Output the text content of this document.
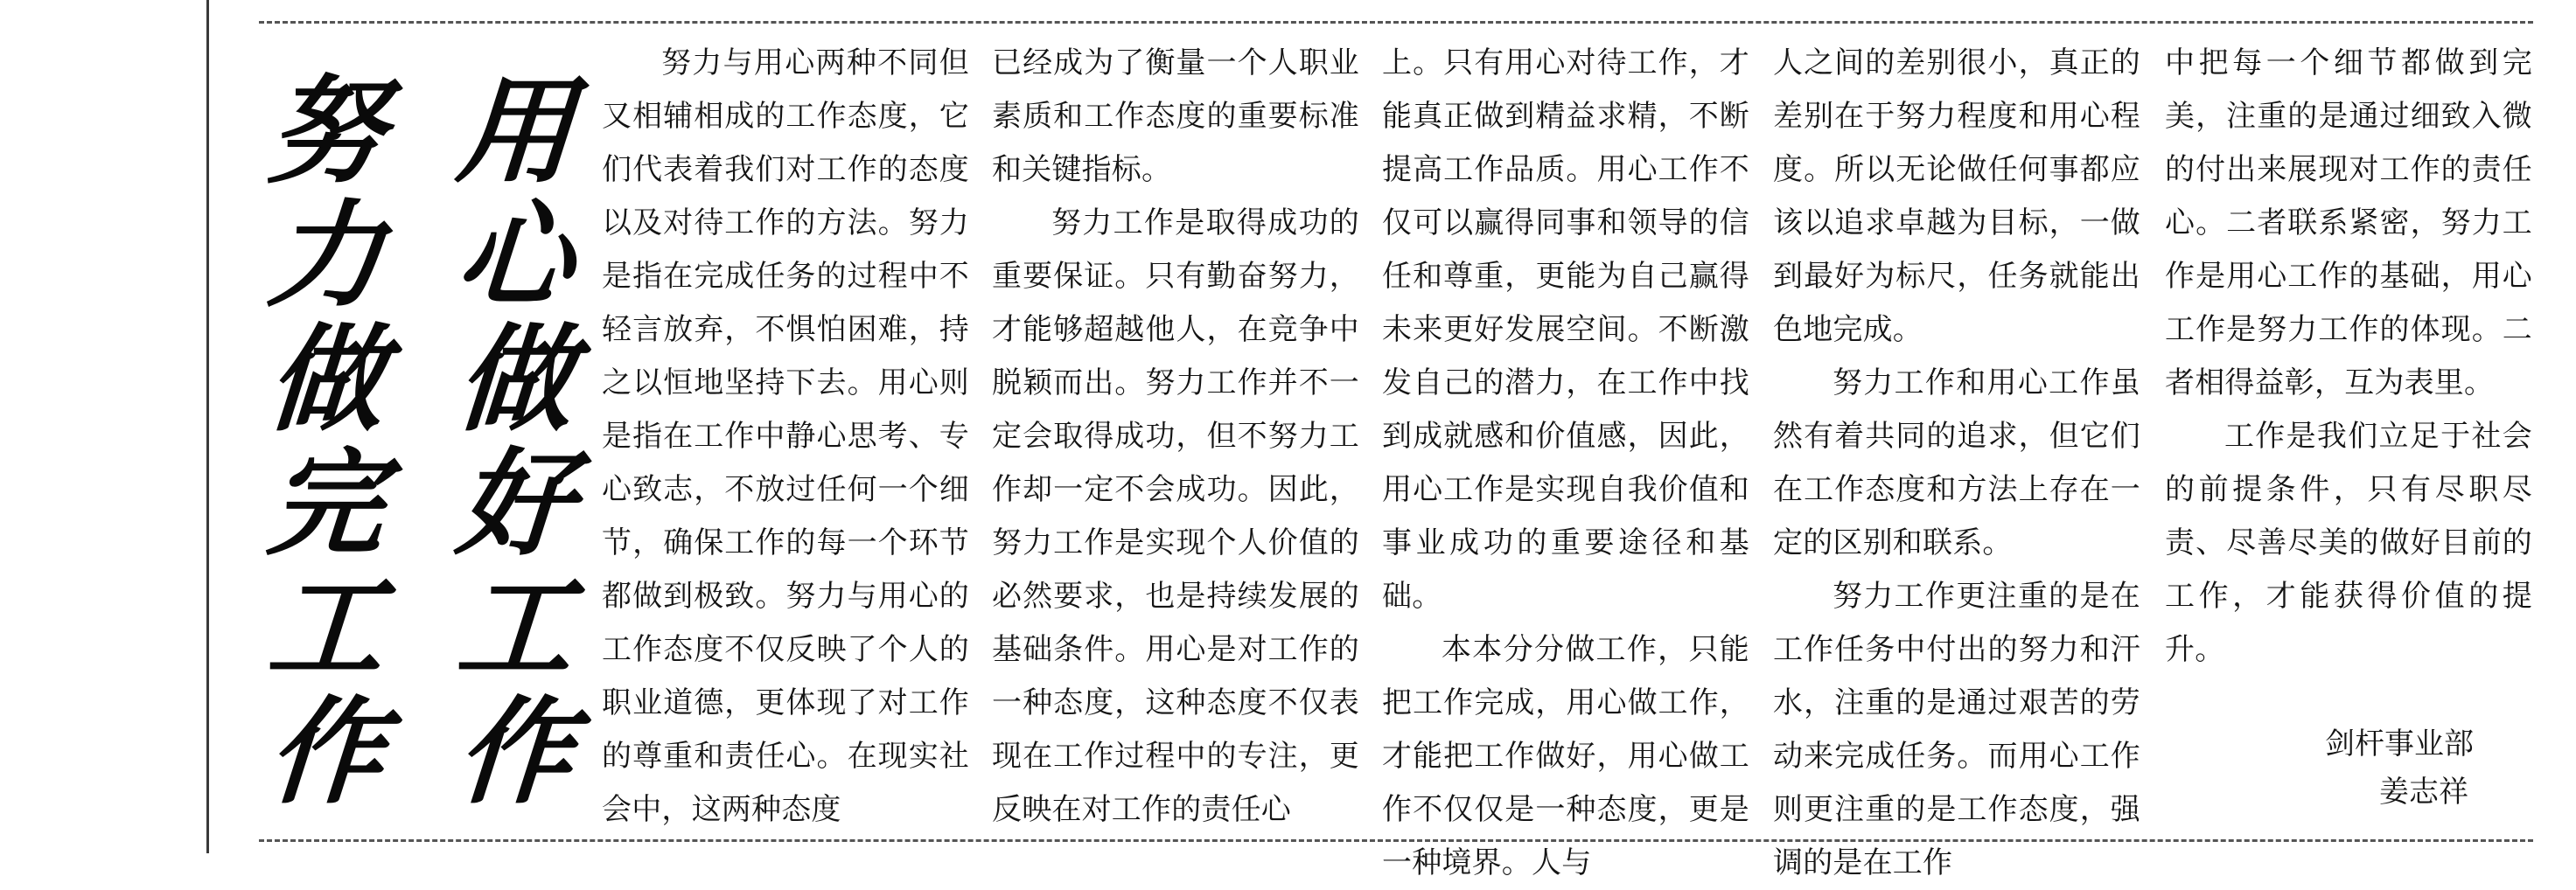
努
力
做
完
工
作
用
心
做
好
工
作

努力与用心两种不同但又相辅相成的工作态度，它们代表着我们对工作的态度以及对待工作的方法。努力是指在完成任务的过程中不轻言放弃，不惧怕困难，持之以恒地坚持下去。用心则是指在工作中静心思考、专心致志，不放过任何一个细节，确保工作的每一个环节都做到极致。努力与用心的工作态度不仅反映了个人的职业道德，更体现了对工作的尊重和责任心。在现实社会中，这两种态度

已经成为了衡量一个人职业素质和工作态度的重要标准和关键指标。

努力工作是取得成功的重要保证。只有勤奋努力，才能够超越他人，在竞争中脱颖而出。努力工作并不一定会取得成功，但不努力工作却一定不会成功。因此，努力工作是实现个人价值的必然要求，也是持续发展的基础条件。用心是对工作的一种态度，这种态度不仅表现在工作过程中的专注，更反映在对工作的责任心

上。只有用心对待工作，才能真正做到精益求精，不断提高工作品质。用心工作不仅可以赢得同事和领导的信任和尊重，更能为自己赢得未来更好发展空间。不断激发自己的潜力，在工作中找到成就感和价值感，因此，用心工作是实现自我价值和事业成功的重要途径和基础。

本本分分做工作，只能把工作完成，用心做工作，才能把工作做好，用心做工作不仅仅是一种态度，更是一种境界。人与

人之间的差别很小，真正的差别在于努力程度和用心程度。所以无论做任何事都应该以追求卓越为目标，一做到最好为标尺，任务就能出色地完成。

努力工作和用心工作虽然有着共同的追求，但它们在工作态度和方法上存在一定的区别和联系。

努力工作更注重的是在工作任务中付出的努力和汗水，注重的是通过艰苦的劳动来完成任务。而用心工作则更注重的是工作态度，强调的是在工作

中把每一个细节都做到完美，注重的是通过细致入微的付出来展现对工作的责任心。二者联系紧密，努力工作是用心工作的基础，用心工作是努力工作的体现。二者相得益彰，互为表里。

工作是我们立足于社会的前提条件，只有尽职尽责、尽善尽美的做好目前的工作，才能获得价值的提升。

剑杆事业部
姜志祥
